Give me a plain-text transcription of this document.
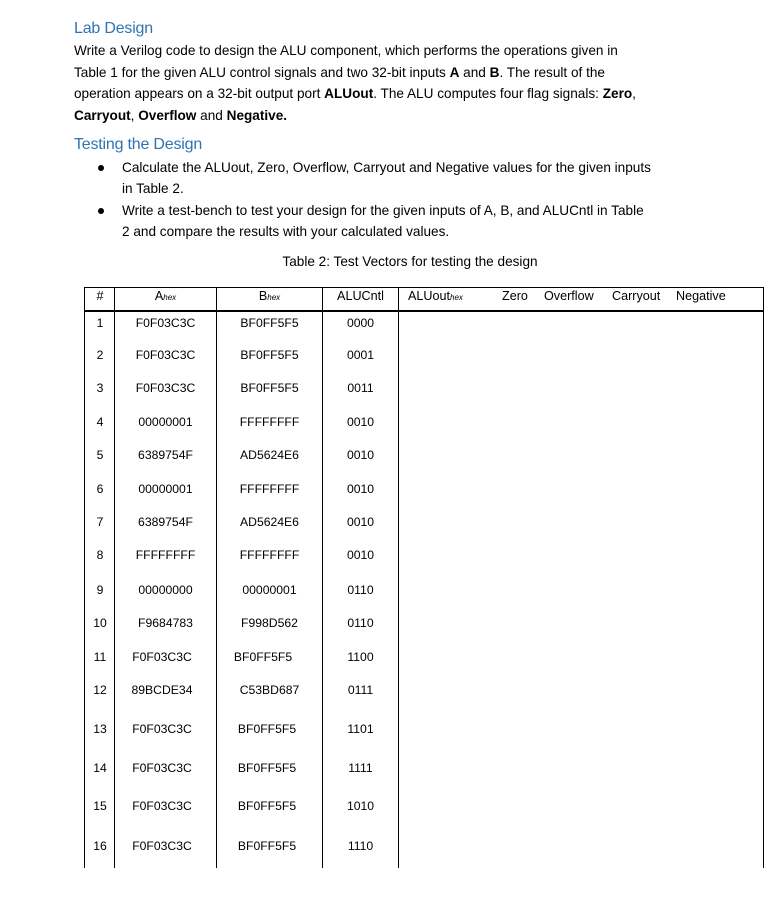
Lab Design
Write a Verilog code to design the ALU component, which performs the operations given in
Table 1 for the given ALU control signals and two 32-bit inputs A and B. The result of the
operation appears on a 32-bit output port ALUout. The ALU computes four flag signals: Zero,
Carryout, Overflow and Negative.
Testing the Design
Calculate the ALUout, Zero, Overflow, Carryout and Negative values for the given inputs
in Table 2.
Write a test-bench to test your design for the given inputs of A, B, and ALUCntl in Table
2 and compare the results with your calculated values.
Table 2: Test Vectors for testing the design
#	Ahex	Bhex	ALUCntl	ALUouthex	Zero Overflow Carryout Negative
1	F0F03C3C	BF0FF5F5	0000
2	F0F03C3C	BF0FF5F5	0001
3	F0F03C3C	BF0FF5F5	0011
4	00000001	FFFFFFFF	0010
5	6389754F	AD5624E6	0010
6	00000001	FFFFFFFF	0010
7	6389754F	AD5624E6	0010
8	FFFFFFFF	FFFFFFFF	0010
9	00000000	00000001	0110
10	F9684783	F998D562	0110
11	F0F03C3C	BF0FF5F5	1100
12	89BCDE34	C53BD687	0111
13	F0F03C3C	BF0FF5F5	1101
14	F0F03C3C	BF0FF5F5	1111
15	F0F03C3C	BF0FF5F5	1010
16	F0F03C3C	BF0FF5F5	1110
